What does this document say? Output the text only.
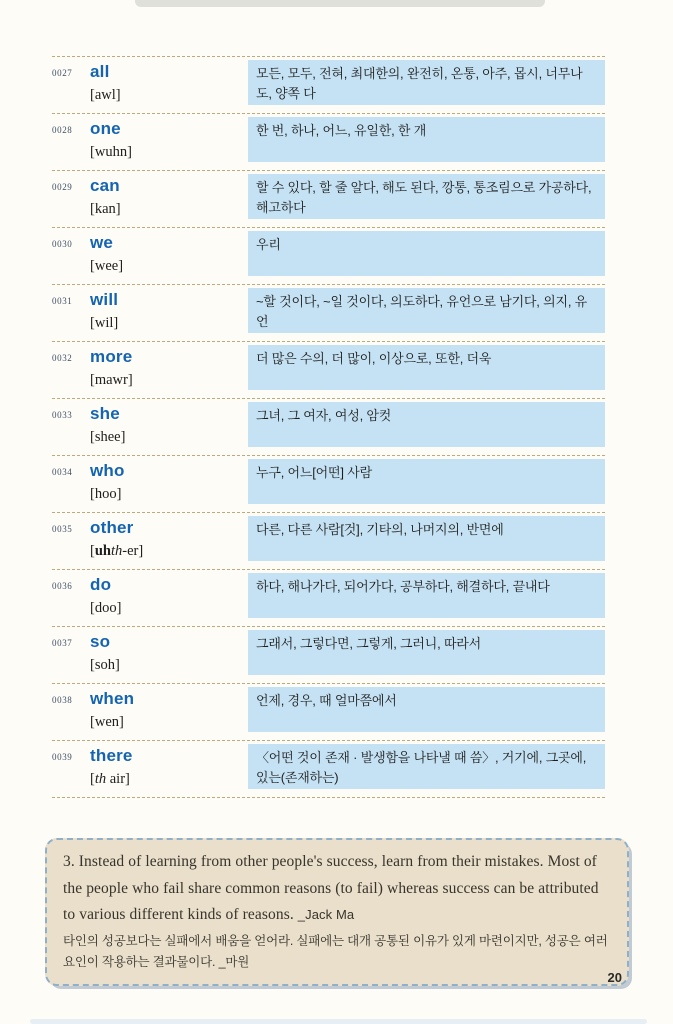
0027	all
[awl]
모든, 모두, 전혀, 최대한의, 완전히, 온통, 아주, 몹시, 너무나도, 양쪽 다
0028	one
[wuhn]
한 번, 하나, 어느, 유일한, 한 개
0029	can
[kan]
할 수 있다, 할 줄 알다, 해도 된다, 깡통, 통조림으로 가공하다, 해고하다
0030	we
[wee]
우리
0031	will
[wil]
~할 것이다, ~일 것이다, 의도하다, 유언으로 남기다, 의지, 유언
0032	more
[mawr]
더 많은 수의, 더 많이, 이상으로, 또한, 더욱
0033	she
[shee]
그녀, 그 여자, 여성, 암컷
0034	who
[hoo]
누구, 어느[어떤] 사람
0035	other
[uhth-er]
다른, 다른 사람[것], 기타의, 나머지의, 반면에
0036	do
[doo]
하다, 해나가다, 되어가다, 공부하다, 해결하다, 끝내다
0037	so
[soh]
그래서, 그렇다면, 그렇게, 그러니, 따라서
0038	when
[wen]
언제, 경우, 때 얼마쯤에서
0039	there
[th air]
〈어떤 것이 존재 · 발생함을 나타낼 때 씀〉, 거기에, 그곳에, 있는(존재하는)
3. Instead of learning from other people's success, learn from their mistakes. Most of the people who fail share common reasons (to fail) whereas success can be attributed to various different kinds of reasons. _Jack Ma
타인의 성공보다는 실패에서 배움을 얻어라. 실패에는 대개 공통된 이유가 있게 마련이지만, 성공은 여러 요인이 작용하는 결과물이다. _마원
20
